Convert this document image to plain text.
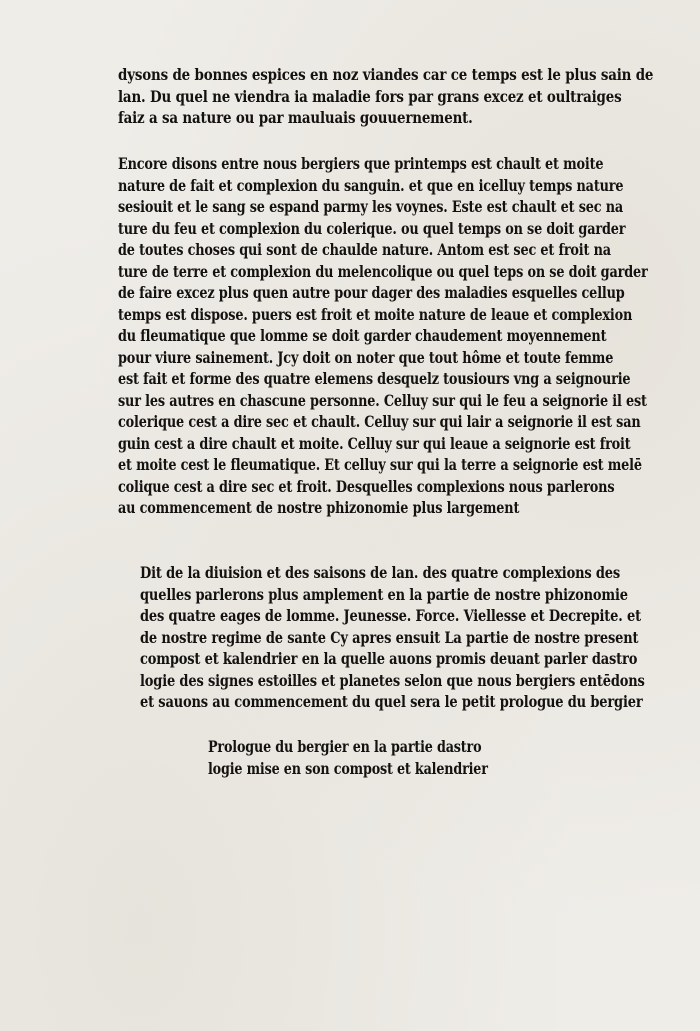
dysons de bonnes espices en noz viandes car ce temps est le plus sain de
lan. Du quel ne viendra ia maladie fors par grans excez et oultraiges
faiz a sa nature ou par mauluais gouuernement.
Encore disons entre nous bergiers que printemps est chault et moite
nature de fait et complexion du sanguin. et que en icelluy temps nature
sesiouit et le sang se espand parmy les voynes. Este est chault et sec na
ture du feu et complexion du colerique. ou quel temps on se doit garder
de toutes choses qui sont de chaulde nature. Antom est sec et froit na
ture de terre et complexion du melencolique ou quel teps on se doit garder
de faire excez plus quen autre pour dager des maladies esquelles cellup
temps est dispose. puers est froit et moite nature de leaue et complexion
du fleumatique que lomme se doit garder chaudement moyennement
pour viure sainement. Jcy doit on noter que tout hôme et toute femme
est fait et forme des quatre elemens desquelz tousiours vng a seignourie
sur les autres en chascune personne. Celluy sur qui le feu a seignorie il est
colerique cest a dire sec et chault. Celluy sur qui lair a seignorie il est san
guin cest a dire chault et moite. Celluy sur qui leaue a seignorie est froit
et moite cest le fleumatique. Et celluy sur qui la terre a seignorie est melē
colique cest a dire sec et froit. Desquelles complexions nous parlerons
au commencement de nostre phizonomie plus largement
Dit de la diuision et des saisons de lan. des quatre complexions des
quelles parlerons plus amplement en la partie de nostre phizonomie
des quatre eages de lomme. Jeunesse. Force. Viellesse et Decrepite. et
de nostre regime de sante Cy apres ensuit La partie de nostre present
compost et kalendrier en la quelle auons promis deuant parler dastro
logie des signes estoilles et planetes selon que nous bergiers entēdons
et sauons au commencement du quel sera le petit prologue du bergier
Prologue du bergier en la partie dastro
logie mise en son compost et kalendrier
